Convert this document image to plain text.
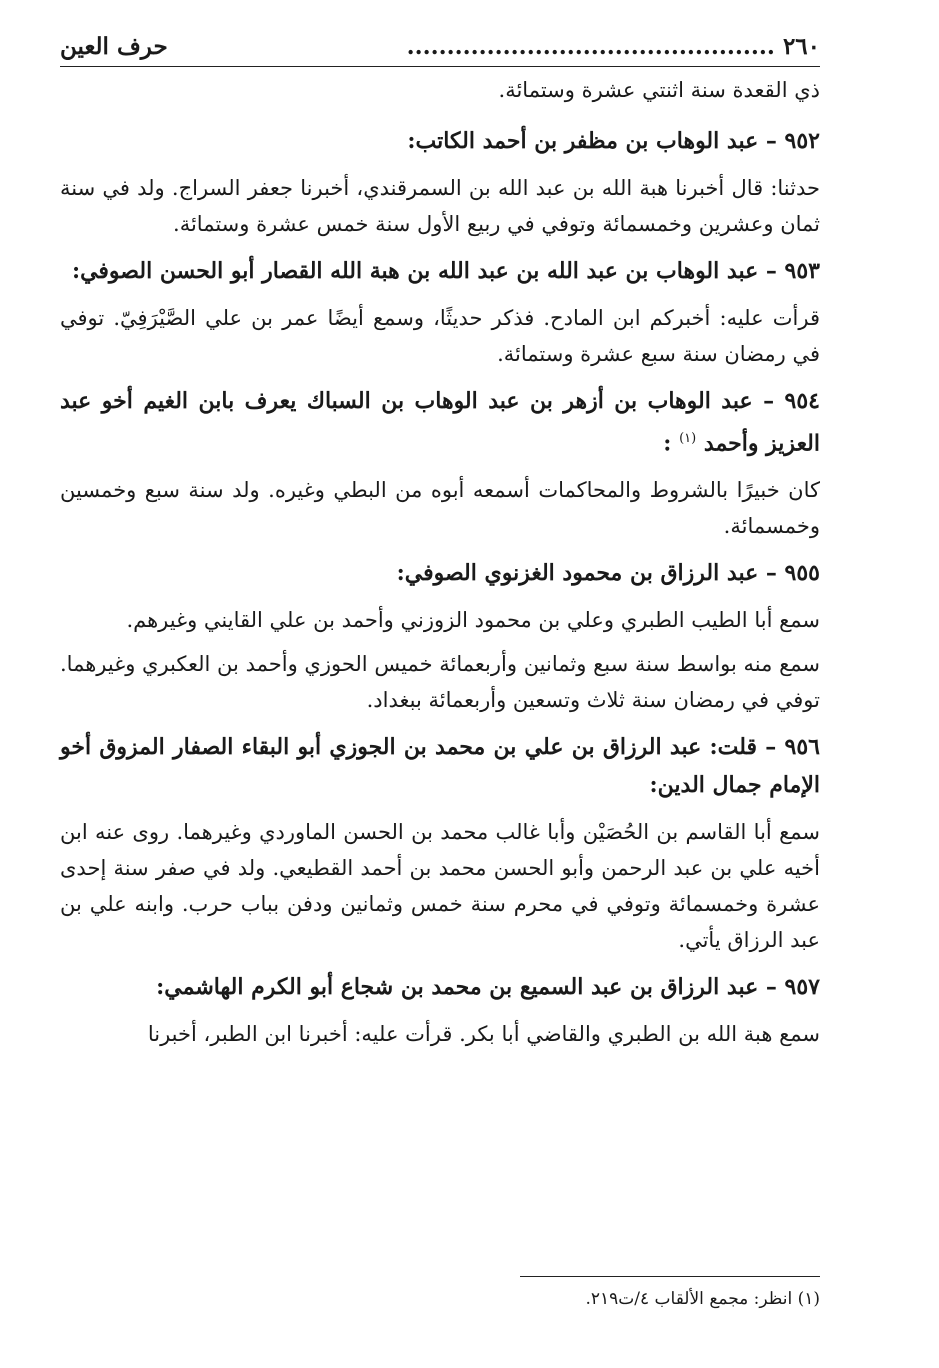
٢٦٠ ..............................................
حرف العين

ذي القعدة سنة اثنتي عشرة وستمائة.

٩٥٢ – عبد الوهاب بن مظفر بن أحمد الكاتب:

حدثنا: قال أخبرنا هبة الله بن عبد الله بن السمرقندي، أخبرنا جعفر السراج. ولد في سنة ثمان وعشرين وخمسمائة وتوفي في ربيع الأول سنة خمس عشرة وستمائة.

٩٥٣ – عبد الوهاب بن عبد الله بن عبد الله بن هبة الله القصار أبو الحسن الصوفي:

قرأت عليه: أخبركم ابن المادح. فذكر حديثًا، وسمع أيضًا عمر بن علي الصَّيْرَفِيّ. توفي في رمضان سنة سبع عشرة وستمائة.

٩٥٤ – عبد الوهاب بن أزهر بن عبد الوهاب بن السباك يعرف بابن الغيم أخو عبد العزيز وأحمد $^{(١)}$ :

كان خبيرًا بالشروط والمحاكمات أسمعه أبوه من البطي وغيره. ولد سنة سبع وخمسين وخمسمائة.

٩٥٥ – عبد الرزاق بن محمود الغزنوي الصوفي:

سمع أبا الطيب الطبري وعلي بن محمود الزوزني وأحمد بن علي القايني وغيرهم.

سمع منه بواسط سنة سبع وثمانين وأربعمائة خميس الحوزي وأحمد بن العكبري وغيرهما. توفي في رمضان سنة ثلاث وتسعين وأربعمائة ببغداد.

٩٥٦ – قلت: عبد الرزاق بن علي بن محمد بن الجوزي أبو البقاء الصفار المزوق أخو الإمام جمال الدين:

سمع أبا القاسم بن الحُصَيْن وأبا غالب محمد بن الحسن الماوردي وغيرهما. روى عنه ابن أخيه علي بن عبد الرحمن وأبو الحسن محمد بن أحمد القطيعي. ولد في صفر سنة إحدى عشرة وخمسمائة وتوفي في محرم سنة خمس وثمانين ودفن بباب حرب. وابنه علي بن عبد الرزاق يأتي.

٩٥٧ – عبد الرزاق بن عبد السميع بن محمد بن شجاع أبو الكرم الهاشمي:

سمع هبة الله بن الطبري والقاضي أبا بكر. قرأت عليه: أخبرنا ابن الطبر، أخبرنا

(١) انظر: مجمع الألقاب ٤/ت٢١٩.
